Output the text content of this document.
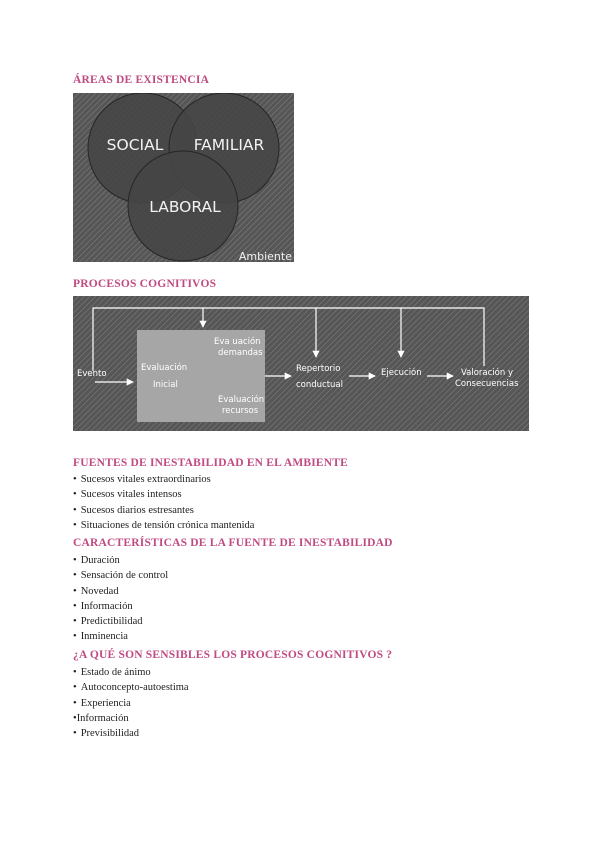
ÁREAS DE EXISTENCIA
SOCIAL FAMILIAR
LABORAL
Ambiente
PROCESOS COGNITIVOS
Evento
Evaluación
Inicial
Eva uación
demandas
Evaluación
recursos
Repertorio
conductual
Ejecución	Valoración y
Consecuencias
FUENTES DE INESTABILIDAD EN EL AMBIENTE
• Sucesos vitales extraordinarios
• Sucesos vitales intensos
• Sucesos diarios estresantes
• Situaciones de tensión crónica mantenida
CARACTERÍSTICAS DE LA FUENTE DE INESTABILIDAD
• Duración
• Sensación de control
• Novedad
• Información
• Predictibilidad
• Inminencia
¿A QUÉ SON SENSIBLES LOS PROCESOS COGNITIVOS ?
• Estado de ánimo
• Autoconcepto-autoestima
• Experiencia
• Información
• Previsibilidad
